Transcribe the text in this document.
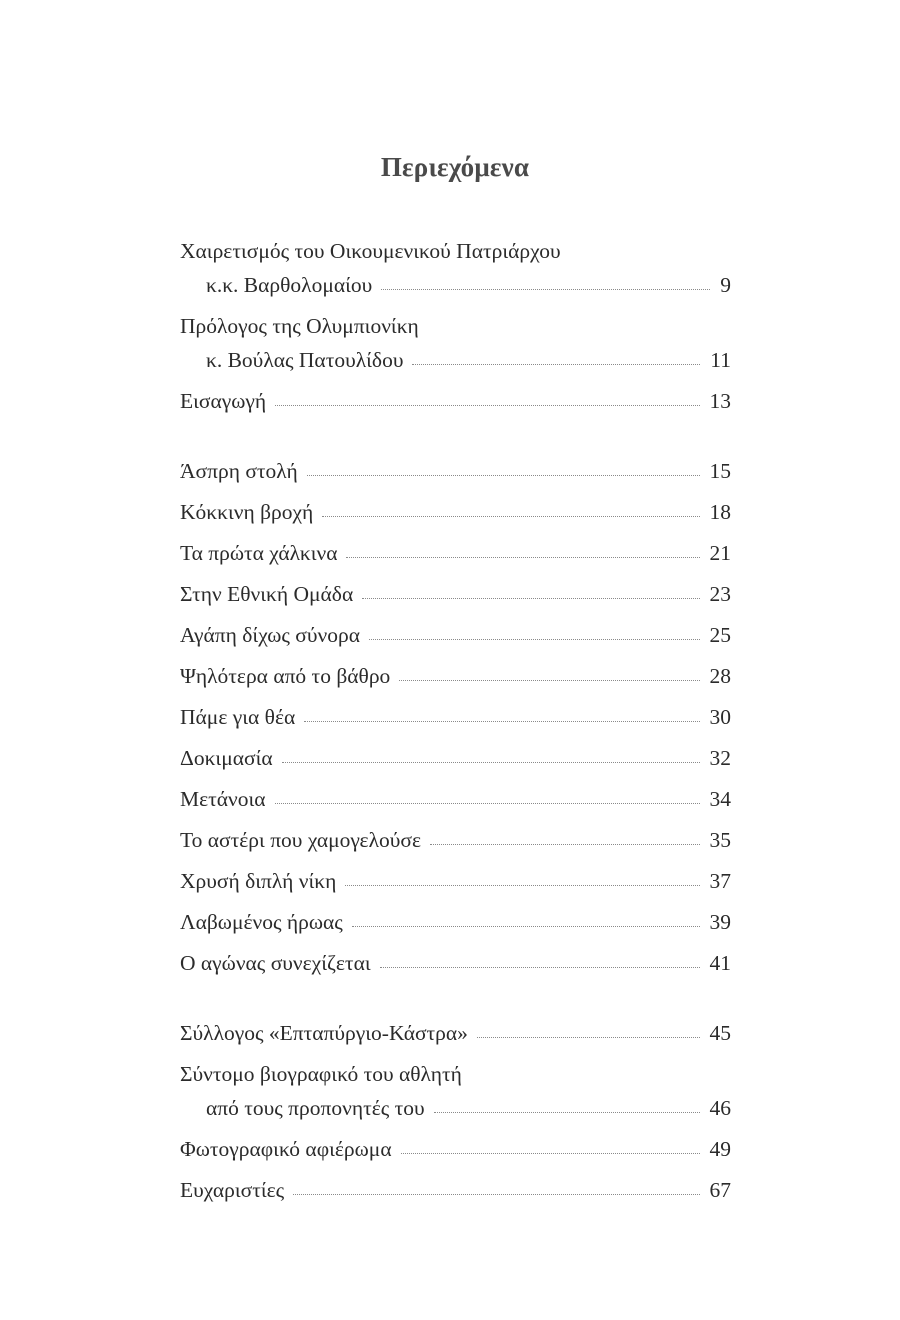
Περιεχόμενα
Χαιρετισμός του Οικουμενικού Πατριάρχου
κ.κ. Βαρθολομαίου	9
Πρόλογος της Ολυμπιονίκη
κ. Βούλας Πατουλίδου	11
Εισαγωγή	13
Άσπρη στολή	15
Κόκκινη βροχή	18
Τα πρώτα χάλκινα	21
Στην Εθνική Ομάδα	23
Αγάπη δίχως σύνορα	25
Ψηλότερα από το βάθρο	28
Πάμε για θέα	30
Δοκιμασία	32
Μετάνοια	34
Το αστέρι που χαμογελούσε	35
Χρυσή διπλή νίκη	37
Λαβωμένος ήρωας	39
Ο αγώνας συνεχίζεται	41
Σύλλογος «Επταπύργιο-Κάστρα»	45
Σύντομο βιογραφικό του αθλητή
από τους προπονητές του	46
Φωτογραφικό αφιέρωμα	49
Ευχαριστίες	67
